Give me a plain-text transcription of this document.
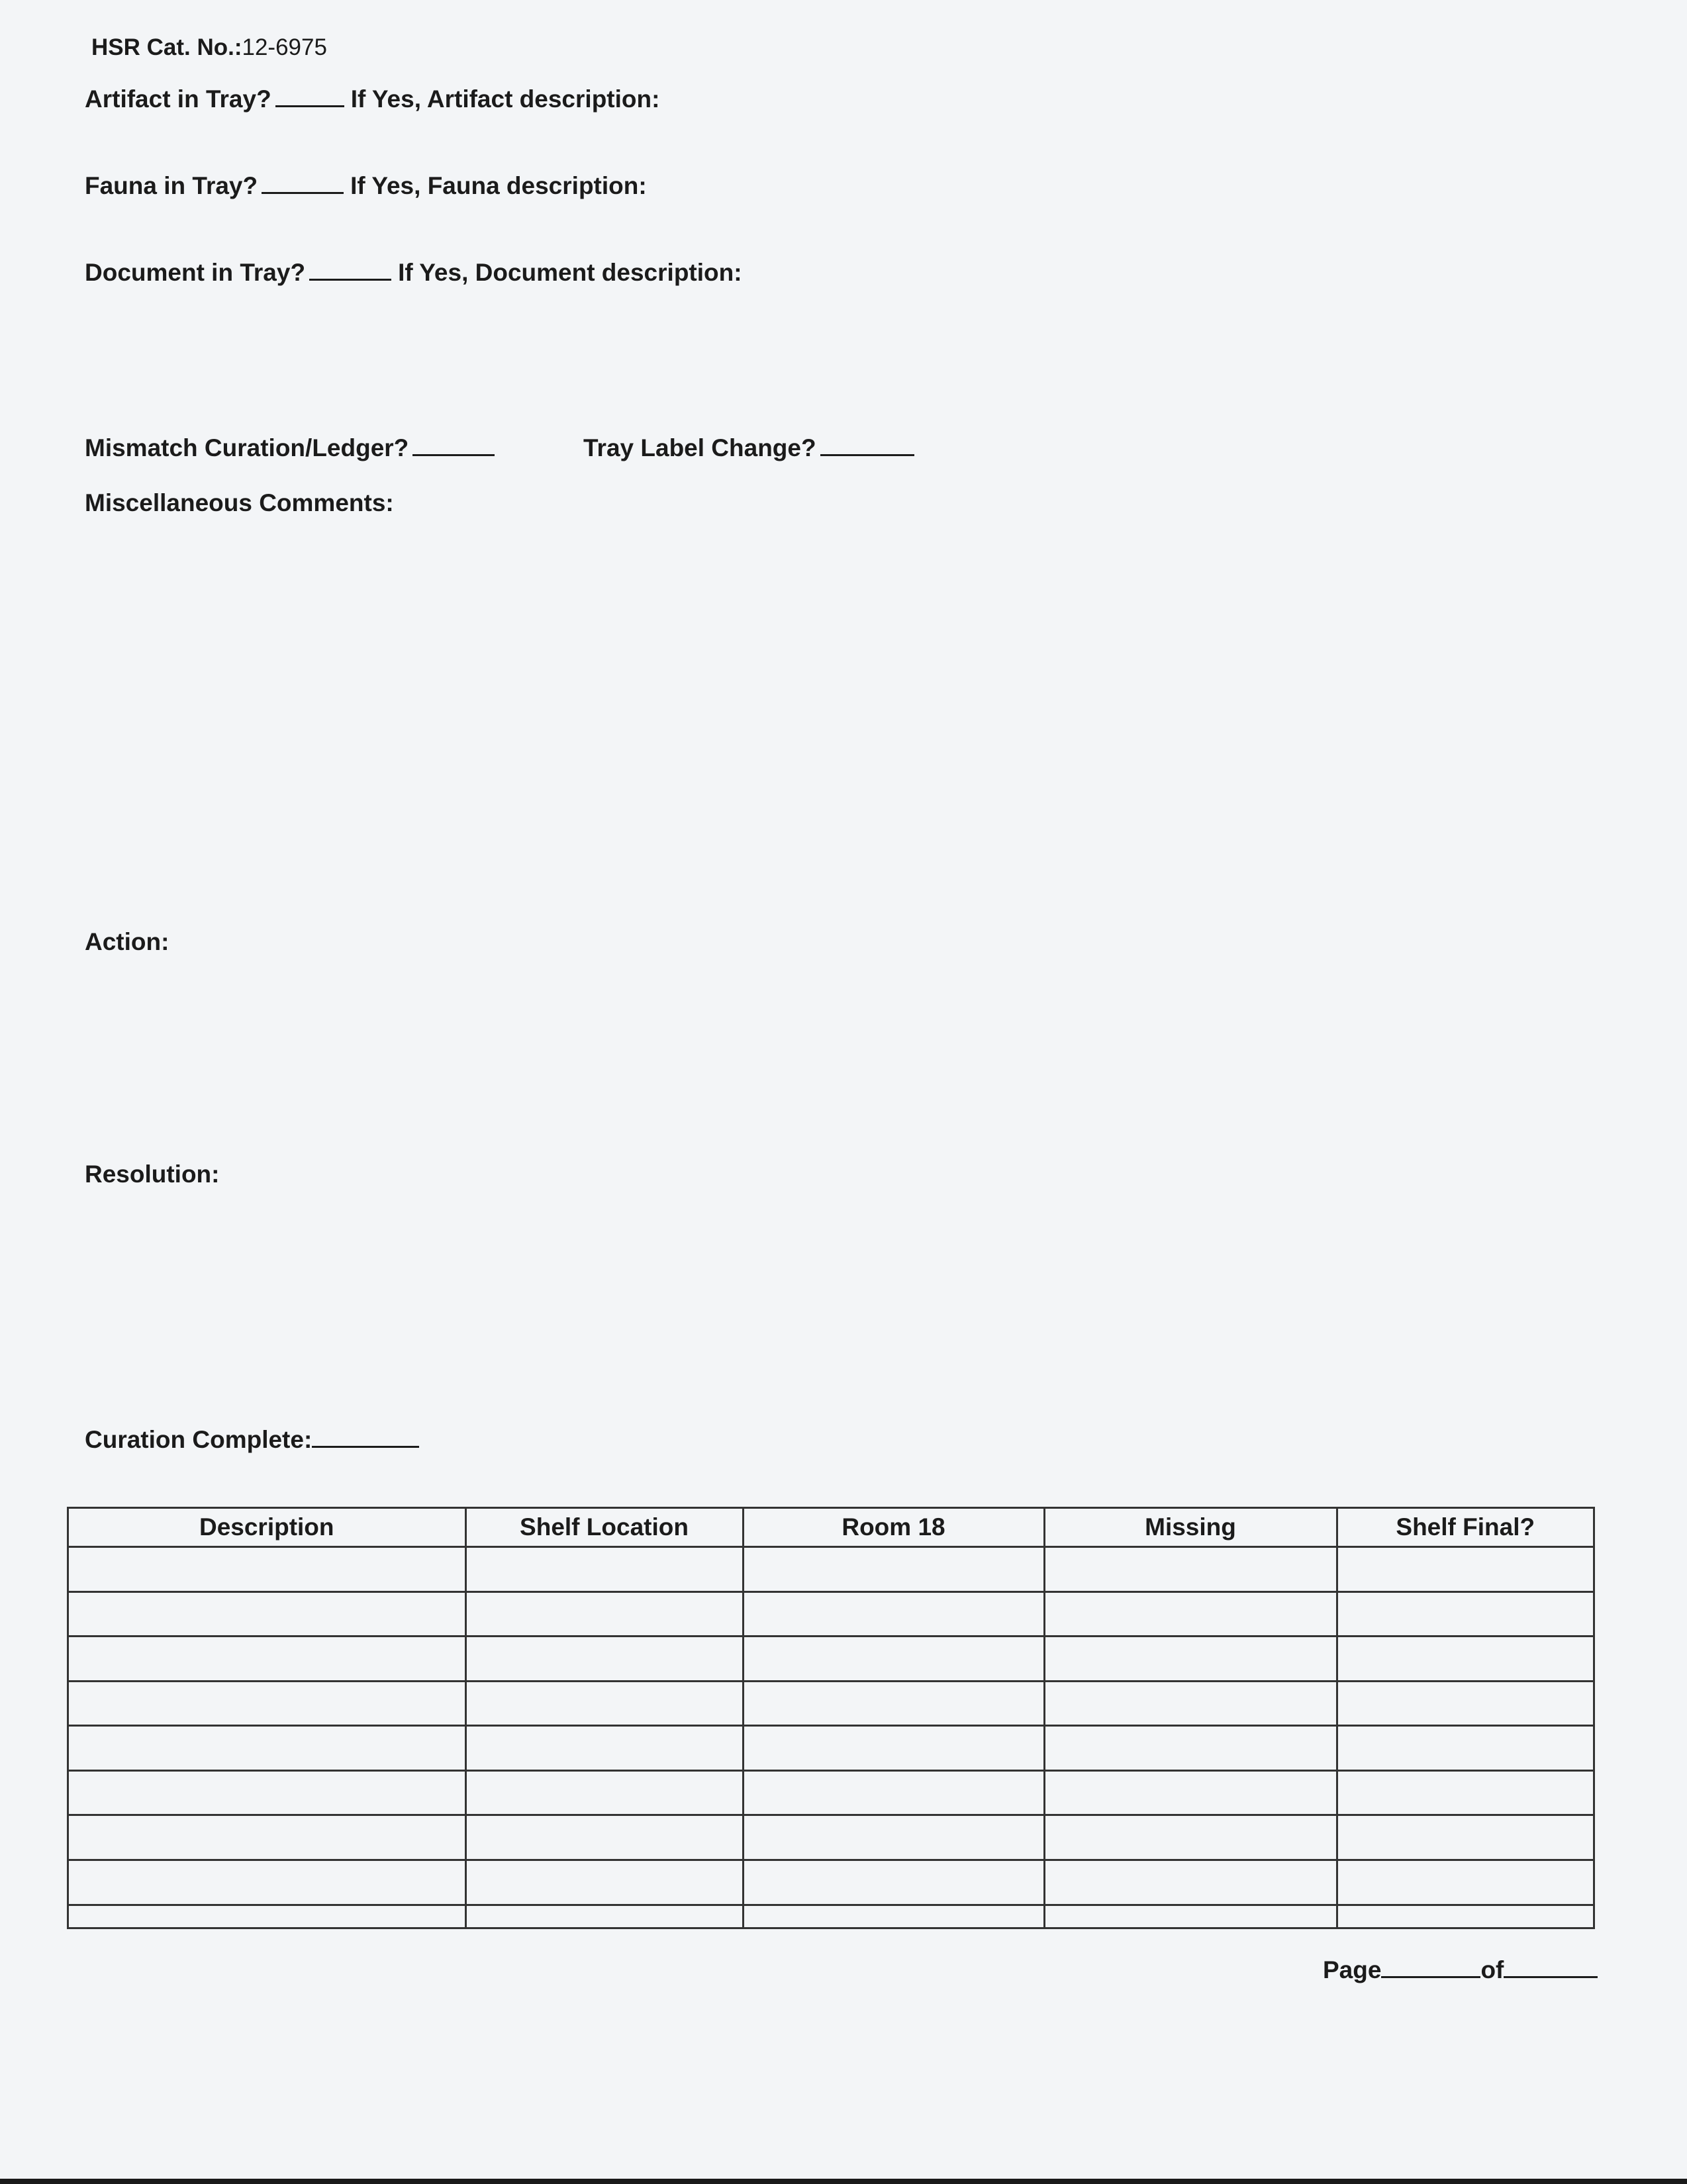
HSR Cat. No.:12-6975
Artifact in Tray?	If Yes, Artifact description:
Fauna in Tray?	If Yes, Fauna description:
Document in Tray?	If Yes, Document description:
Mismatch Curation/Ledger?	Tray Label Change?
Miscellaneous Comments:
Action:
Resolution:
Curation Complete:
Description	Shelf Location	Room 18	Missing	Shelf Final?

Page	of
